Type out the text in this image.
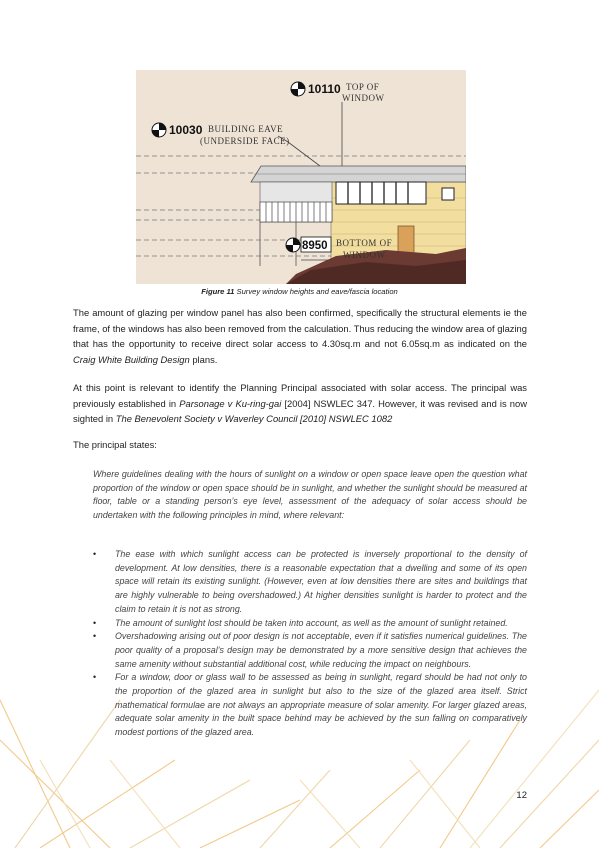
10110 TOP OF
WINDOW
10030 BUILDING EAVE
(UNDERSIDE FACE)
8950 BOTTOM OF
WINDOW
Figure 11 Survey window heights and eave/fascia location
The amount of glazing per window panel has also been confirmed, specifically the structural elements ie the frame, of the windows has also been removed from the calculation. Thus reducing the window area of glazing that has the opportunity to receive direct solar access to 4.30sq.m and not 6.05sq.m as indicated on the Craig White Building Design plans.
At this point is relevant to identify the Planning Principal associated with solar access. The principal was previously established in Parsonage v Ku-ring-gai [2004] NSWLEC 347. However, it was revised and is now sighted in The Benevolent Society v Waverley Council [2010] NSWLEC 1082
The principal states:
Where guidelines dealing with the hours of sunlight on a window or open space leave open the question what proportion of the window or open space should be in sunlight, and whether the sunlight should be measured at floor, table or a standing person’s eye level, assessment of the adequacy of solar access should be undertaken with the following principles in mind, where relevant:
• The ease with which sunlight access can be protected is inversely proportional to the density of development. At low densities, there is a reasonable expectation that a dwelling and some of its open space will retain its existing sunlight. (However, even at low densities there are sites and buildings that are highly vulnerable to being overshadowed.) At higher densities sunlight is harder to protect and the claim to retain it is not as strong.
• The amount of sunlight lost should be taken into account, as well as the amount of sunlight retained.
• Overshadowing arising out of poor design is not acceptable, even if it satisfies numerical guidelines. The poor quality of a proposal’s design may be demonstrated by a more sensitive design that achieves the same amenity without substantial additional cost, while reducing the impact on neighbours.
• For a window, door or glass wall to be assessed as being in sunlight, regard should be had not only to the proportion of the glazed area in sunlight but also to the size of the glazed area itself. Strict mathematical formulae are not always an appropriate measure of solar amenity. For larger glazed areas, adequate solar amenity in the built space behind may be achieved by the sun falling on comparatively modest portions of the glazed area.
12
